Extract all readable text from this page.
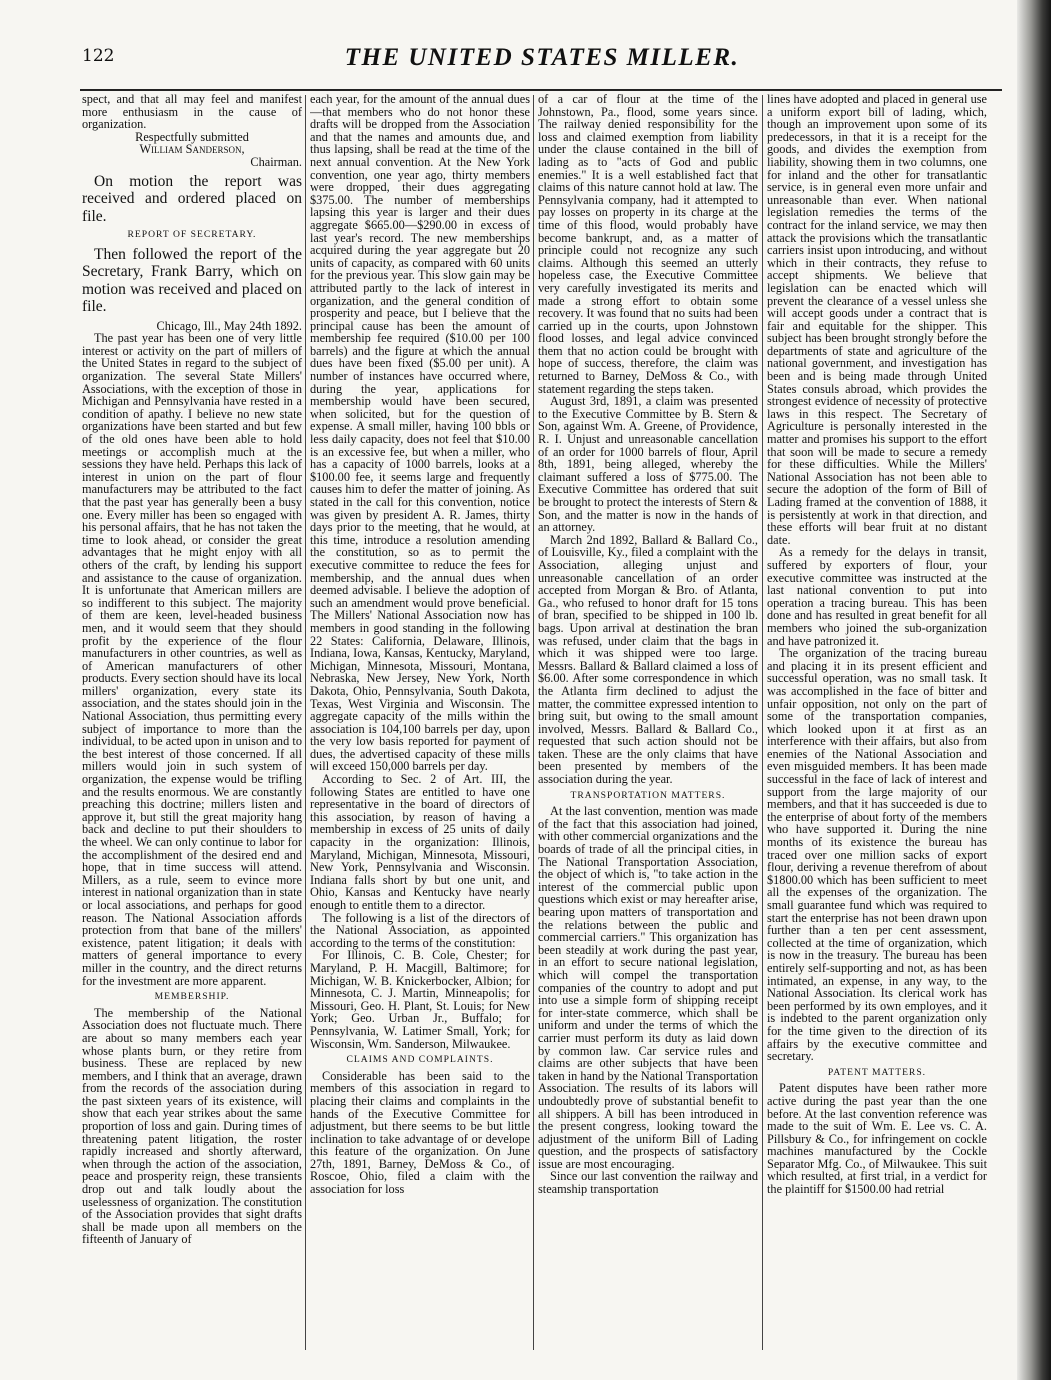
122	THE UNITED STATES MILLER.

spect, and that all may feel and manifest more enthusiasm in the cause of organization.

Respectfully submitted

William Sanderson,

Chairman.

On motion the report was received and ordered placed on file.

REPORT OF SECRETARY.

Then followed the report of the Secretary, Frank Barry, which on motion was received and placed on file.

Chicago, Ill., May 24th 1892.

The past year has been one of very little interest or activity on the part of millers of the United States in regard to the subject of organization. The several State Millers' Associations, with the exception of those in Michigan and Pennsylvania have rested in a condition of apathy. I believe no new state organizations have been started and but few of the old ones have been able to hold meetings or accomplish much at the sessions they have held. Perhaps this lack of interest in union on the part of flour manufacturers may be attributed to the fact that the past year has generally been a busy one. Every miller has been so engaged with his personal affairs, that he has not taken the time to look ahead, or consider the great advantages that he might enjoy with all others of the craft, by lending his support and assistance to the cause of organization. It is unfortunate that American millers are so indifferent to this subject. The majority of them are keen, level-headed business men, and it would seem that they should profit by the experience of the flour manufacturers in other countries, as well as of American manufacturers of other products. Every section should have its local millers' organization, every state its association, and the states should join in the National Association, thus permitting every subject of importance to more than the individual, to be acted upon in unison and to the best interest of those concerned. If all millers would join in such system of organization, the expense would be trifling and the results enormous. We are constantly preaching this doctrine; millers listen and approve it, but still the great majority hang back and decline to put their shoulders to the wheel. We can only continue to labor for the accomplishment of the desired end and hope, that in time success will attend. Millers, as a rule, seem to evince more interest in national organization than in state or local associations, and perhaps for good reason. The National Association affords protection from that bane of the millers' existence, patent litigation; it deals with matters of general importance to every miller in the country, and the direct returns for the investment are more apparent.

MEMBERSHIP.

The membership of the National Association does not fluctuate much. There are about so many members each year whose plants burn, or they retire from business. These are replaced by new members, and I think that an average, drawn from the records of the association during the past sixteen years of its existence, will show that each year strikes about the same proportion of loss and gain. During times of threatening patent litigation, the roster rapidly increased and shortly afterward, when through the action of the association, peace and prosperity reign, these transients drop out and talk loudly about the uselessness of organization. The constitution of the Association provides that sight drafts shall be made upon all members on the fifteenth of January of

each year, for the amount of the annual dues—that members who do not honor these drafts will be dropped from the Association and that the names and amounts due, and thus lapsing, shall be read at the time of the next annual convention. At the New York convention, one year ago, thirty members were dropped, their dues aggregating $375.00. The number of memberships lapsing this year is larger and their dues aggregate $665.00—$290.00 in excess of last year's record. The new memberships acquired during the year aggregate but 20 units of capacity, as compared with 60 units for the previous year. This slow gain may be attributed partly to the lack of interest in organization, and the general condition of prosperity and peace, but I believe that the principal cause has been the amount of membership fee required ($10.00 per 100 barrels) and the figure at which the annual dues have been fixed ($5.00 per unit). A number of instances have occurred where, during the year, applications for membership would have been secured, when solicited, but for the question of expense. A small miller, having 100 bbls or less daily capacity, does not feel that $10.00 is an excessive fee, but when a miller, who has a capacity of 1000 barrels, looks at a $100.00 fee, it seems large and frequently causes him to defer the matter of joining. As stated in the call for this convention, notice was given by president A. R. James, thirty days prior to the meeting, that he would, at this time, introduce a resolution amending the constitution, so as to permit the executive committee to reduce the fees for membership, and the annual dues when deemed advisable. I believe the adoption of such an amendment would prove beneficial. The Millers' National Association now has members in good standing in the following 22 States: California, Delaware, Illinois, Indiana, Iowa, Kansas, Kentucky, Maryland, Michigan, Minnesota, Missouri, Montana, Nebraska, New Jersey, New York, North Dakota, Ohio, Pennsylvania, South Dakota, Texas, West Virginia and Wisconsin. The aggregate capacity of the mills within the association is 104,100 barrels per day, upon the very low basis reported for payment of dues, the advertised capacity of these mills will exceed 150,000 barrels per day.

According to Sec. 2 of Art. III, the following States are entitled to have one representative in the board of directors of this association, by reason of having a membership in excess of 25 units of daily capacity in the organization: Illinois, Maryland, Michigan, Minnesota, Missouri, New York, Pennsylvania and Wisconsin. Indiana falls short by but one unit, and Ohio, Kansas and Kentucky have nearly enough to entitle them to a director.

The following is a list of the directors of the National Association, as appointed according to the terms of the constitution:

For Illinois, C. B. Cole, Chester; for Maryland, P. H. Macgill, Baltimore; for Michigan, W. B. Knickerbocker, Albion; for Minnesota, C. J. Martin, Minneapolis; for Missouri, Geo. H. Plant, St. Louis; for New York; Geo. Urban Jr., Buffalo; for Pennsylvania, W. Latimer Small, York; for Wisconsin, Wm. Sanderson, Milwaukee.

CLAIMS AND COMPLAINTS.

Considerable has been said to the members of this association in regard to placing their claims and complaints in the hands of the Executive Committee for adjustment, but there seems to be but little inclination to take advantage of or develope this feature of the organization. On June 27th, 1891, Barney, DeMoss & Co., of Roscoe, Ohio, filed a claim with the association for loss

of a car of flour at the time of the Johnstown, Pa., flood, some years since. The railway denied responsibility for the loss and claimed exemption from liability under the clause contained in the bill of lading as to "acts of God and public enemies." It is a well established fact that claims of this nature cannot hold at law. The Pennsylvania company, had it attempted to pay losses on property in its charge at the time of this flood, would probably have become bankrupt, and, as a matter of principle could not recognize any such claims. Although this seemed an utterly hopeless case, the Executive Committee very carefully investigated its merits and made a strong effort to obtain some recovery. It was found that no suits had been carried up in the courts, upon Johnstown flood losses, and legal advice convinced them that no action could be brought with hope of success, therefore, the claim was returned to Barney, DeMoss & Co., with statement regarding the steps taken.

August 3rd, 1891, a claim was presented to the Executive Committee by B. Stern & Son, against Wm. A. Greene, of Providence, R. I. Unjust and unreasonable cancellation of an order for 1000 barrels of flour, April 8th, 1891, being alleged, whereby the claimant suffered a loss of $775.00. The Executive Committee has ordered that suit be brought to protect the interests of Stern & Son, and the matter is now in the hands of an attorney.

March 2nd 1892, Ballard & Ballard Co., of Louisville, Ky., filed a complaint with the Association, alleging unjust and unreasonable cancellation of an order accepted from Morgan & Bro. of Atlanta, Ga., who refused to honor draft for 15 tons of bran, specified to be shipped in 100 lb. bags. Upon arrival at destination the bran was refused, under claim that the bags in which it was shipped were too large. Messrs. Ballard & Ballard claimed a loss of $6.00. After some correspondence in which the Atlanta firm declined to adjust the matter, the committee expressed intention to bring suit, but owing to the small amount involved, Messrs. Ballard & Ballard Co., requested that such action should not be taken. These are the only claims that have been presented by members of the association during the year.

TRANSPORTATION MATTERS.

At the last convention, mention was made of the fact that this association had joined, with other commercial organizations and the boards of trade of all the principal cities, in The National Transportation Association, the object of which is, "to take action in the interest of the commercial public upon questions which exist or may hereafter arise, bearing upon matters of transportation and the relations between the public and commercial carriers." This organization has been steadily at work during the past year, in an effort to secure national legislation, which will compel the transportation companies of the country to adopt and put into use a simple form of shipping receipt for inter-state commerce, which shall be uniform and under the terms of which the carrier must perform its duty as laid down by common law. Car service rules and claims are other subjects that have been taken in hand by the National Transportation Association. The results of its labors will undoubtedly prove of substantial benefit to all shippers. A bill has been introduced in the present congress, looking toward the adjustment of the uniform Bill of Lading question, and the prospects of satisfactory issue are most encouraging.

Since our last convention the railway and steamship transportation

lines have adopted and placed in general use a uniform export bill of lading, which, though an improvement upon some of its predecessors, in that it is a receipt for the goods, and divides the exemption from liability, showing them in two columns, one for inland and the other for transatlantic service, is in general even more unfair and unreasonable than ever. When national legislation remedies the terms of the contract for the inland service, we may then attack the provisions which the transatlantic carriers insist upon introducing, and without which in their contracts, they refuse to accept shipments. We believe that legislation can be enacted which will prevent the clearance of a vessel unless she will accept goods under a contract that is fair and equitable for the shipper. This subject has been brought strongly before the departments of state and agriculture of the national government, and investigation has been and is being made through United States consuls abroad, which provides the strongest evidence of necessity of protective laws in this respect. The Secretary of Agriculture is personally interested in the matter and promises his support to the effort that soon will be made to secure a remedy for these difficulties. While the Millers' National Association has not been able to secure the adoption of the form of Bill of Lading framed at the convention of 1888, it is persistently at work in that direction, and these efforts will bear fruit at no distant date.

As a remedy for the delays in transit, suffered by exporters of flour, your executive committee was instructed at the last national convention to put into operation a tracing bureau. This has been done and has resulted in great benefit for all members who joined the sub-organization and have patronized it.

The organization of the tracing bureau and placing it in its present efficient and successful operation, was no small task. It was accomplished in the face of bitter and unfair opposition, not only on the part of some of the transportation companies, which looked upon it at first as an interference with their affairs, but also from enemies of the National Association and even misguided members. It has been made successful in the face of lack of interest and support from the large majority of our members, and that it has succeeded is due to the enterprise of about forty of the members who have supported it. During the nine months of its existence the bureau has traced over one million sacks of export flour, deriving a revenue therefrom of about $1800.00 which has been sufficient to meet all the expenses of the organization. The small guarantee fund which was required to start the enterprise has not been drawn upon further than a ten per cent assessment, collected at the time of organization, which is now in the treasury. The bureau has been entirely self-supporting and not, as has been intimated, an expense, in any way, to the National Association. Its clerical work has been performed by its own employes, and it is indebted to the parent organization only for the time given to the direction of its affairs by the executive committee and secretary.

PATENT MATTERS.

Patent disputes have been rather more active during the past year than the one before. At the last convention reference was made to the suit of Wm. E. Lee vs. C. A. Pillsbury & Co., for infringement on cockle machines manufactured by the Cockle Separator Mfg. Co., of Milwaukee. This suit which resulted, at first trial, in a verdict for the plaintiff for $1500.00 had retrial
